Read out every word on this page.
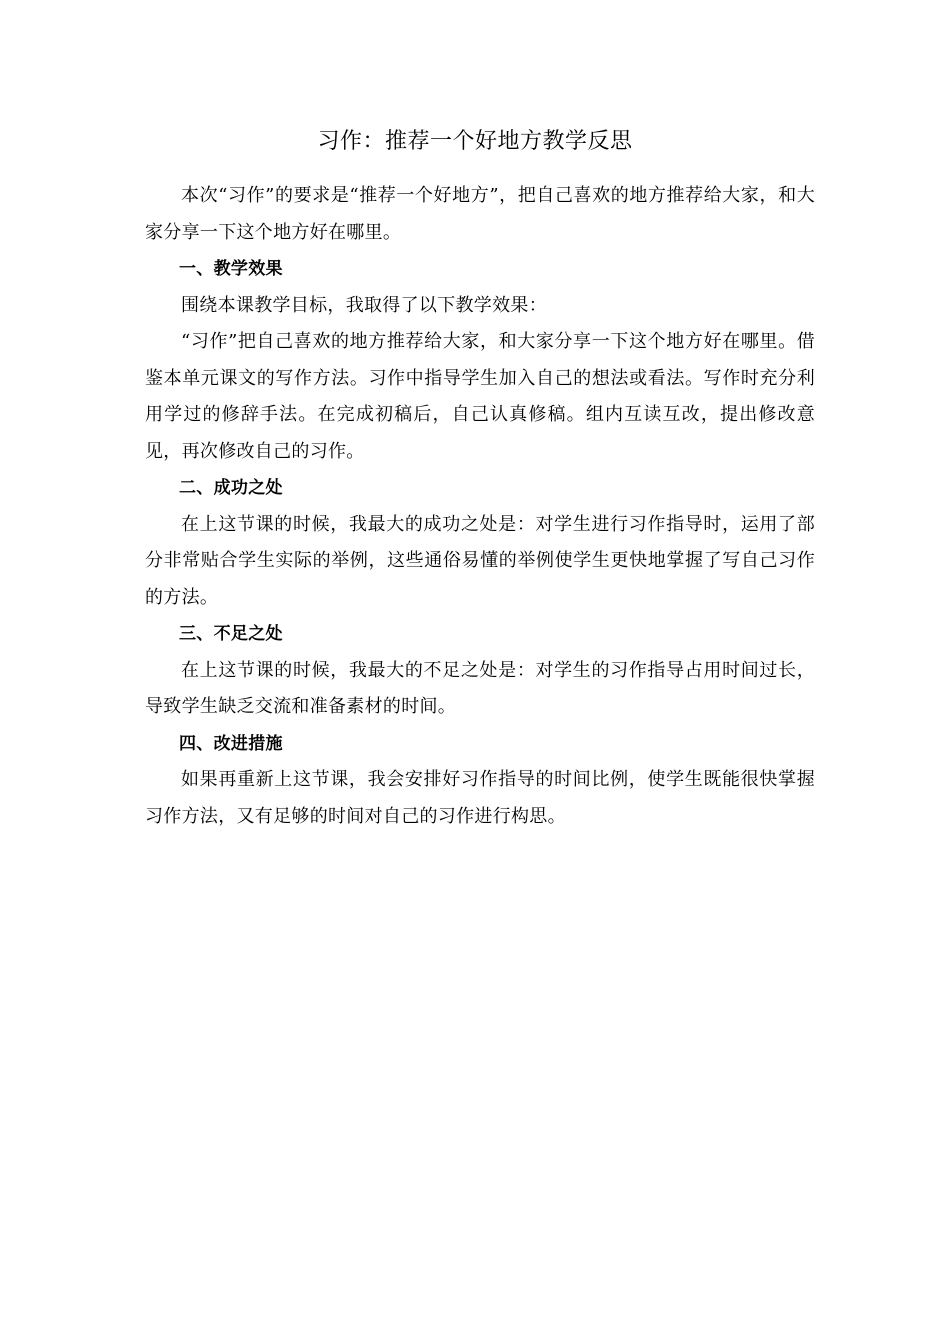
习作：推荐一个好地方教学反思

本次“习作”的要求是“推荐一个好地方”，把自己喜欢的地方推荐给大家，和大家分享一下这个地方好在哪里。

一、教学效果

围绕本课教学目标，我取得了以下教学效果：

“习作”把自己喜欢的地方推荐给大家，和大家分享一下这个地方好在哪里。借鉴本单元课文的写作方法。习作中指导学生加入自己的想法或看法。写作时充分利用学过的修辞手法。在完成初稿后，自己认真修稿。组内互读互改，提出修改意见，再次修改自己的习作。

二、成功之处

在上这节课的时候，我最大的成功之处是：对学生进行习作指导时，运用了部分非常贴合学生实际的举例，这些通俗易懂的举例使学生更快地掌握了写自己习作的方法。

三、不足之处

在上这节课的时候，我最大的不足之处是：对学生的习作指导占用时间过长，导致学生缺乏交流和准备素材的时间。

四、改进措施

如果再重新上这节课，我会安排好习作指导的时间比例，使学生既能很快掌握习作方法，又有足够的时间对自己的习作进行构思。
